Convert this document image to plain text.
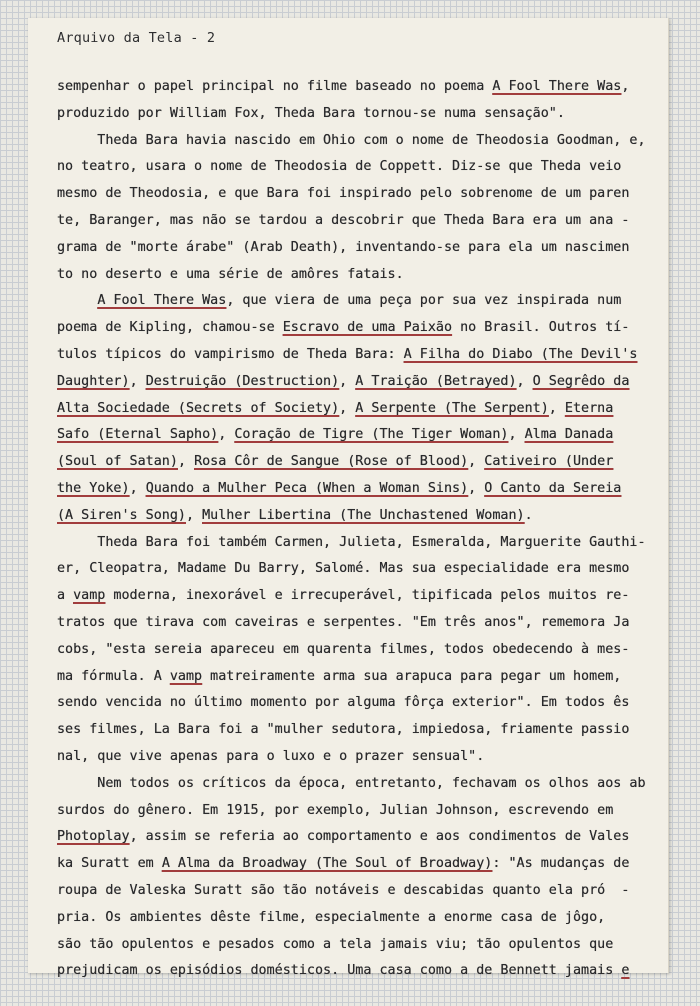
Arquivo da Tela - 2
sempenhar o papel principal no filme baseado no poema A Fool There Was,
produzido por William Fox, Theda Bara tornou-se numa sensação".
Theda Bara havia nascido em Ohio com o nome de Theodosia Goodman, e,
no teatro, usara o nome de Theodosia de Coppett. Diz-se que Theda veio
mesmo de Theodosia, e que Bara foi inspirado pelo sobrenome de um paren
te, Baranger, mas não se tardou a descobrir que Theda Bara era um ana -
grama de "morte árabe" (Arab Death), inventando-se para ela um nascimen
to no deserto e uma série de amôres fatais.
A Fool There Was, que viera de uma peça por sua vez inspirada num
poema de Kipling, chamou-se Escravo de uma Paixão no Brasil. Outros tí-
tulos típicos do vampirismo de Theda Bara: A Filha do Diabo (The Devil's
Daughter), Destruição (Destruction), A Traição (Betrayed), O Segrêdo da
Alta Sociedade (Secrets of Society), A Serpente (The Serpent), Eterna
Safo (Eternal Sapho), Coração de Tigre (The Tiger Woman), Alma Danada
(Soul of Satan), Rosa Côr de Sangue (Rose of Blood), Cativeiro (Under
the Yoke), Quando a Mulher Peca (When a Woman Sins), O Canto da Sereia
(A Siren's Song), Mulher Libertina (The Unchastened Woman).
Theda Bara foi também Carmen, Julieta, Esmeralda, Marguerite Gauthi-
er, Cleopatra, Madame Du Barry, Salomé. Mas sua especialidade era mesmo
a vamp moderna, inexorável e irrecuperável, tipificada pelos muitos re-
tratos que tirava com caveiras e serpentes. "Em três anos", rememora Ja
cobs, "esta sereia apareceu em quarenta filmes, todos obedecendo à mes-
ma fórmula. A vamp matreiramente arma sua arapuca para pegar um homem,
sendo vencida no último momento por alguma fôrça exterior". Em todos ês
ses filmes, La Bara foi a "mulher sedutora, impiedosa, friamente passio
nal, que vive apenas para o luxo e o prazer sensual".
Nem todos os críticos da época, entretanto, fechavam os olhos aos ab
surdos do gênero. Em 1915, por exemplo, Julian Johnson, escrevendo em
Photoplay, assim se referia ao comportamento e aos condimentos de Vales
ka Suratt em A Alma da Broadway (The Soul of Broadway): "As mudanças de
roupa de Valeska Suratt são tão notáveis e descabidas quanto ela pró  -
pria. Os ambientes dêste filme, especialmente a enorme casa de jôgo,
são tão opulentos e pesados como a tela jamais viu; tão opulentos que
prejudicam os episódios domésticos. Uma casa como a de Bennett jamais e
